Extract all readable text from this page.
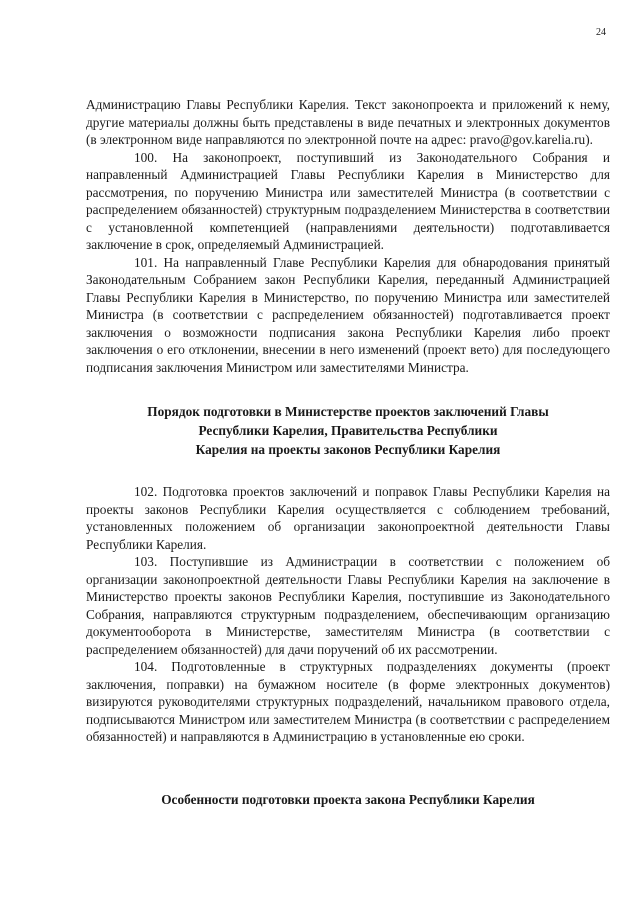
24

Администрацию Главы Республики Карелия. Текст законопроекта и приложений к нему, другие материалы должны быть представлены в виде печатных и электронных документов (в электронном виде направляются по электронной почте на адрес: pravo@gov.karelia.ru).

100. На законопроект, поступивший из Законодательного Собрания и направленный Администрацией Главы Республики Карелия в Министерство для рассмотрения, по поручению Министра или заместителей Министра (в соответствии с распределением обязанностей) структурным подразделением Министерства в соответствии с установленной компетенцией (направлениями деятельности) подготавливается заключение в срок, определяемый Администрацией.

101. На направленный Главе Республики Карелия для обнародования принятый Законодательным Собранием закон Республики Карелия, переданный Администрацией Главы Республики Карелия в Министерство, по поручению Министра или заместителей Министра (в соответствии с распределением обязанностей) подготавливается проект заключения о возможности подписания закона Республики Карелия либо проект заключения о его отклонении, внесении в него изменений (проект вето) для последующего подписания заключения Министром или заместителями Министра.

Порядок подготовки в Министерстве проектов заключений Главы
Республики Карелия, Правительства Республики
Карелия на проекты законов Республики Карелия

102. Подготовка проектов заключений и поправок Главы Республики Карелия на проекты законов Республики Карелия осуществляется с соблюдением требований, установленных положением об организации законопроектной деятельности Главы Республики Карелия.

103. Поступившие из Администрации в соответствии с положением об организации законопроектной деятельности Главы Республики Карелия на заключение в Министерство проекты законов Республики Карелия, поступившие из Законодательного Собрания, направляются структурным подразделением, обеспечивающим организацию документооборота в Министерстве, заместителям Министра (в соответствии с распределением обязанностей) для дачи поручений об их рассмотрении.

104. Подготовленные в структурных подразделениях документы (проект заключения, поправки) на бумажном носителе (в форме электронных документов) визируются руководителями структурных подразделений, начальником правового отдела, подписываются Министром или заместителем Министра (в соответствии с распределением обязанностей) и направляются в Администрацию в установленные ею сроки.

Особенности подготовки проекта закона Республики Карелия
